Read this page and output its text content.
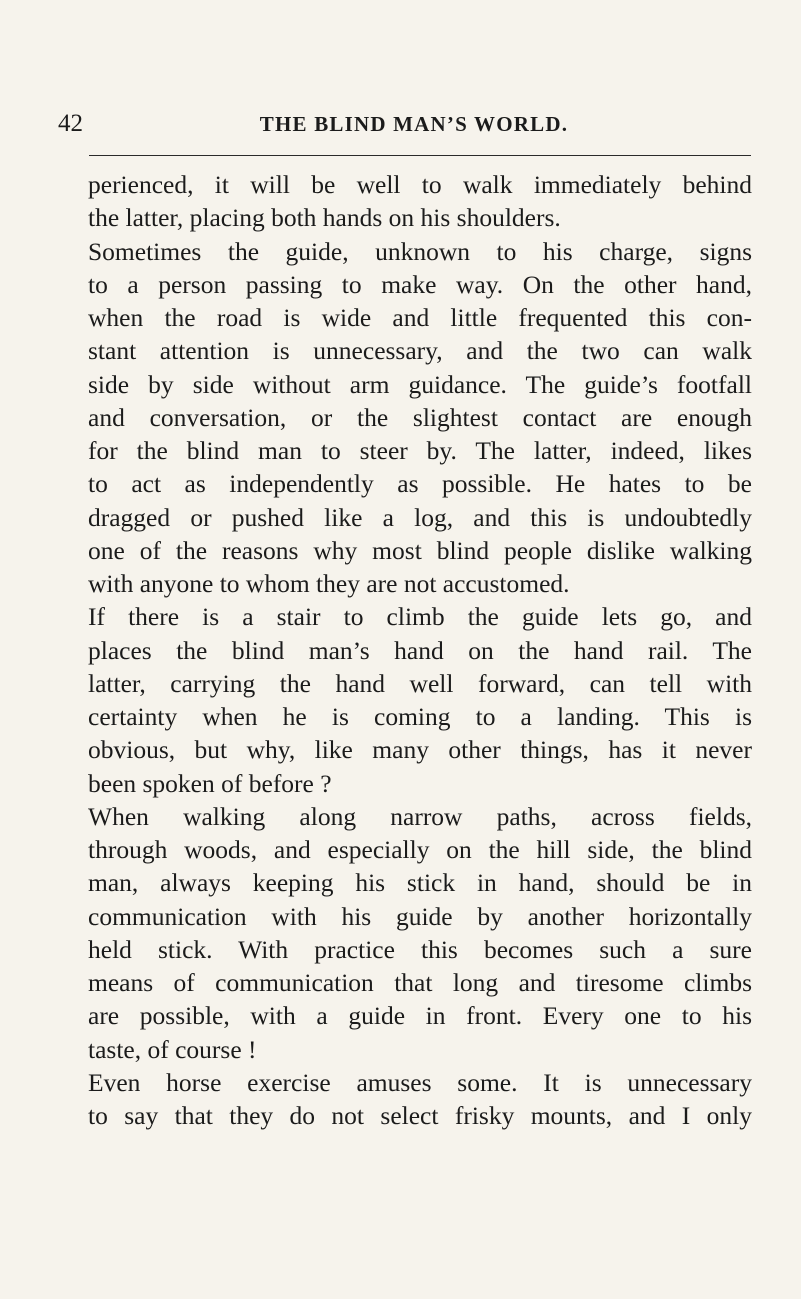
42	THE BLIND MAN’S WORLD.
perienced, it will be well to walk immediately behind
the latter, placing both hands on his shoulders.
Sometimes the guide, unknown to his charge, signs
to a person passing to make way. On the other hand,
when the road is wide and little frequented this con-
stant attention is unnecessary, and the two can walk
side by side without arm guidance. The guide’s footfall
and conversation, or the slightest contact are enough
for the blind man to steer by. The latter, indeed, likes
to act as independently as possible. He hates to be
dragged or pushed like a log, and this is undoubtedly
one of the reasons why most blind people dislike walking
with anyone to whom they are not accustomed.
If there is a stair to climb the guide lets go, and
places the blind man’s hand on the hand rail. The
latter, carrying the hand well forward, can tell with
certainty when he is coming to a landing. This is
obvious, but why, like many other things, has it never
been spoken of before ?
When walking along narrow paths, across fields,
through woods, and especially on the hill side, the blind
man, always keeping his stick in hand, should be in
communication with his guide by another horizontally
held stick. With practice this becomes such a sure
means of communication that long and tiresome climbs
are possible, with a guide in front. Every one to his
taste, of course !
Even horse exercise amuses some. It is unnecessary
to say that they do not select frisky mounts, and I only
